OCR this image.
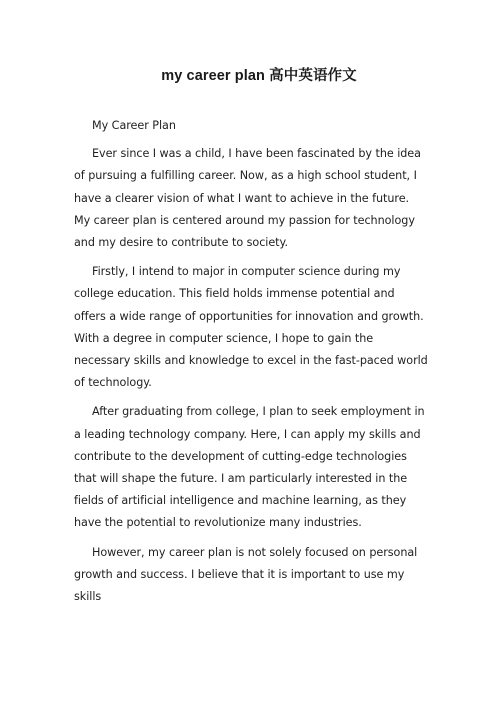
my career plan 高中英语作文

My Career Plan

Ever since I was a child, I have been fascinated by the idea of pursuing a fulfilling career. Now, as a high school student, I have a clearer vision of what I want to achieve in the future. My career plan is centered around my passion for technology and my desire to contribute to society.

Firstly, I intend to major in computer science during my college education. This field holds immense potential and offers a wide range of opportunities for innovation and growth. With a degree in computer science, I hope to gain the necessary skills and knowledge to excel in the fast-paced world of technology.

After graduating from college, I plan to seek employment in a leading technology company. Here, I can apply my skills and contribute to the development of cutting-edge technologies that will shape the future. I am particularly interested in the fields of artificial intelligence and machine learning, as they have the potential to revolutionize many industries.

However, my career plan is not solely focused on personal growth and success. I believe that it is important to use my skills
